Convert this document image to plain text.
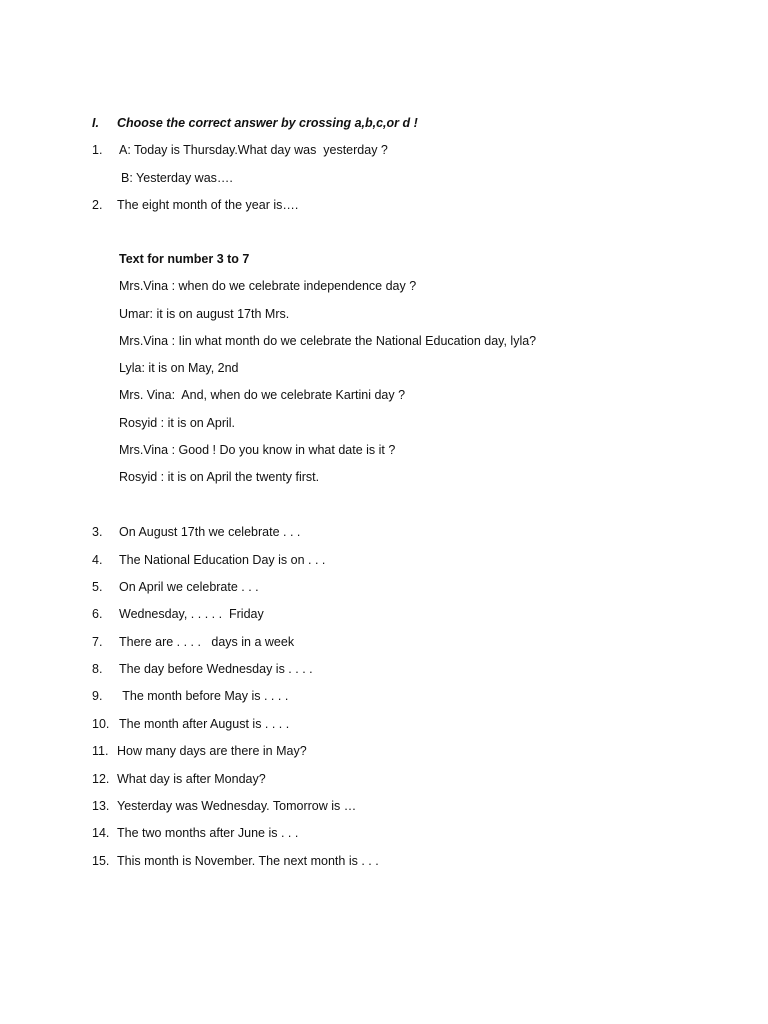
I. Choose the correct answer by crossing a,b,c,or d !
1. A: Today is Thursday.What day was  yesterday ?
B: Yesterday was….
2. The eight month of the year is….
Text for number 3 to 7
Mrs.Vina : when do we celebrate independence day ?
Umar: it is on august 17th Mrs.
Mrs.Vina : Iin what month do we celebrate the National Education day, lyla?
Lyla: it is on May, 2nd
Mrs. Vina:  And, when do we celebrate Kartini day ?
Rosyid : it is on April.
Mrs.Vina : Good ! Do you know in what date is it ?
Rosyid : it is on April the twenty first.
3. On August 17th we celebrate . . .
4. The National Education Day is on . . .
5. On April we celebrate . . .
6. Wednesday, . . . . .  Friday
7. There are . . . .   days in a week
8. The day before Wednesday is . . . .
9. The month before May is . . . .
10. The month after August is . . . .
11. How many days are there in May?
12. What day is after Monday?
13. Yesterday was Wednesday. Tomorrow is …
14. The two months after June is . . .
15. This month is November. The next month is . . .
